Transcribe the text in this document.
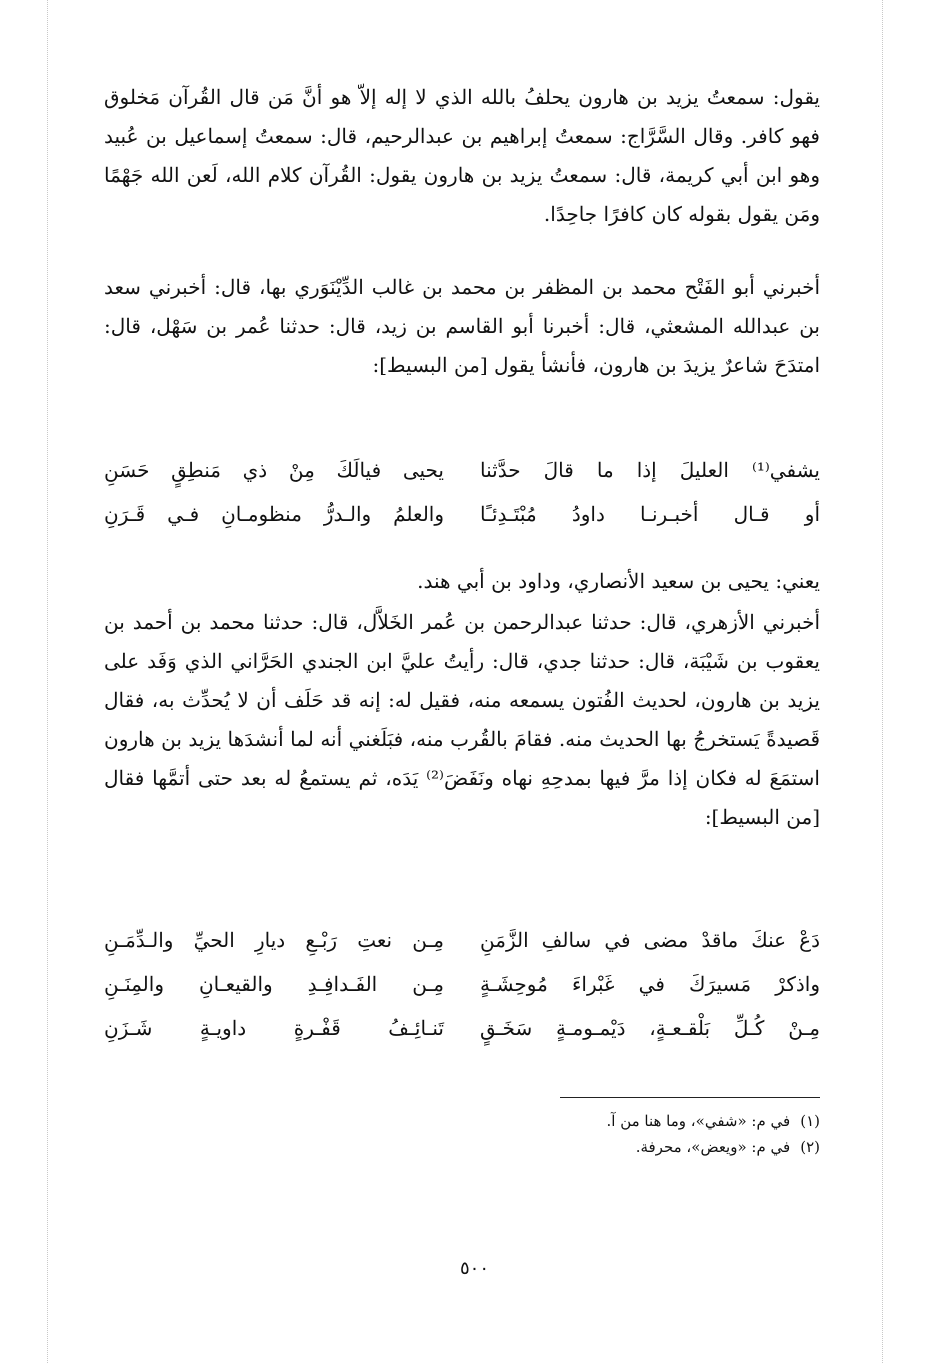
يقول: سمعتُ يزيد بن هارون يحلفُ بالله الذي لا إله إلاّ هو أنَّ مَن قال القُرآن مَخلوق فهو كافر. وقال السَّرَّاج: سمعتُ إبراهيم بن عبدالرحيم، قال: سمعتُ إسماعيل بن عُبيد وهو ابن أبي كريمة، قال: سمعتُ يزيد بن هارون يقول: القُرآن كلام الله، لَعن الله جَهْمًا ومَن يقول بقوله كان كافرًا جاحِدًا.

أخبرني أبو الفَتْح محمد بن المظفر بن محمد بن غالب الدِّيْنَوَري بها، قال: أخبرني سعد بن عبدالله المشعثي، قال: أخبرنا أبو القاسم بن زيد، قال: حدثنا عُمر بن سَهْل، قال: امتدَحَ شاعرٌ يزيدَ بن هارون، فأنشأ يقول [من البسيط]:

يشفي⁽¹⁾ العليلَ إذا ما قالَ حدَّثنا
يحيى فيالَكَ مِنْ ذي مَنطِقٍ حَسَنِ
أو قـال أخبـرنـا داودُ مُبْتَـدِئـًا
والعلمُ والـدرُّ منظومـانِ فـي قَـرَنِ

يعني: يحيى بن سعيد الأنصاري، وداود بن أبي هند.

أخبرني الأزهري، قال: حدثنا عبدالرحمن بن عُمر الخَلاَّل، قال: حدثنا محمد بن أحمد بن يعقوب بن شَيْبَة، قال: حدثنا جدي، قال: رأيتُ عليَّ ابن الجندي الحَرَّاني الذي وَفَد على يزيد بن هارون، لحديث الفُتون يسمعه منه، فقيل له: إنه قد حَلَف أن لا يُحدِّث به، فقال قَصيدةً يَستخرجُ بها الحديث منه. فقامَ بالقُرب منه، فبَلَغني أنه لما أنشدَها يزيد بن هارون استمَعَ له فكان إذا مرَّ فيها بمدحِهِ نهاه ونَفَضَ⁽²⁾ يَدَه، ثم يستمعُ له بعد حتى أتمَّها فقال [من البسيط]:

دَعْ عنكَ ماقدْ مضى في سالفِ الزَّمَنِ
مِـن نعتِ رَبْـعِ ديارِ الحيِّ والـدِّمَـنِ
واذكرْ مَسيرَكَ في غَبْراءَ مُوحِشَـةٍ
مِـن الفَـدافِـدِ والقيعـانِ والمِنَـنِ
مِـنْ كُـلِّ بَلْقـعـةٍ، دَيْمـومـةٍ سَخَـقٍ
تَنـائِـفُ قَفْـرةٍ داويـةٍ شَـزَنِ
(١)
في م: «شفي»، وما هنا من آ.
(٢)
في م: «ويعض»، محرفة.
٥٠٠
